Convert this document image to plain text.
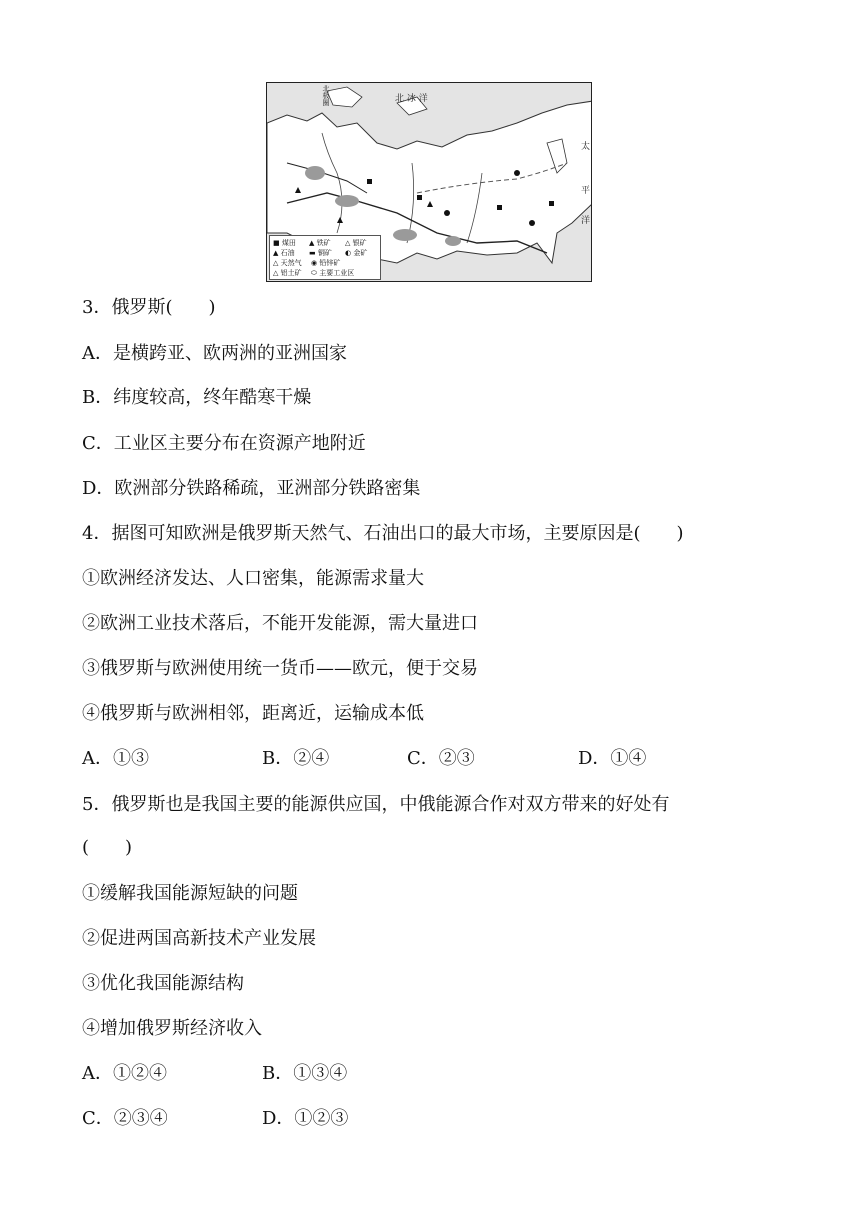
北 冰 洋
太
平
洋
北极圈
■ 煤田	▲ 铁矿	△ 银矿
▲ 石油	▬ 铜矿	◐ 金矿
△ 天然气	◉ 铅锌矿
△ 铝土矿	⬭ 主要工业区
3．俄罗斯(　　)
A．是横跨亚、欧两洲的亚洲国家
B．纬度较高，终年酷寒干燥
C．工业区主要分布在资源产地附近
D．欧洲部分铁路稀疏，亚洲部分铁路密集
4．据图可知欧洲是俄罗斯天然气、石油出口的最大市场，主要原因是(　　)
①欧洲经济发达、人口密集，能源需求量大
②欧洲工业技术落后，不能开发能源，需大量进口
③俄罗斯与欧洲使用统一货币——欧元，便于交易
④俄罗斯与欧洲相邻，距离近，运输成本低
A．①③	B．②④	C．②③	D．①④
5．俄罗斯也是我国主要的能源供应国，中俄能源合作对双方带来的好处有
(　　)
①缓解我国能源短缺的问题
②促进两国高新技术产业发展
③优化我国能源结构
④增加俄罗斯经济收入
A．①②④	B．①③④
C．②③④	D．①②③
